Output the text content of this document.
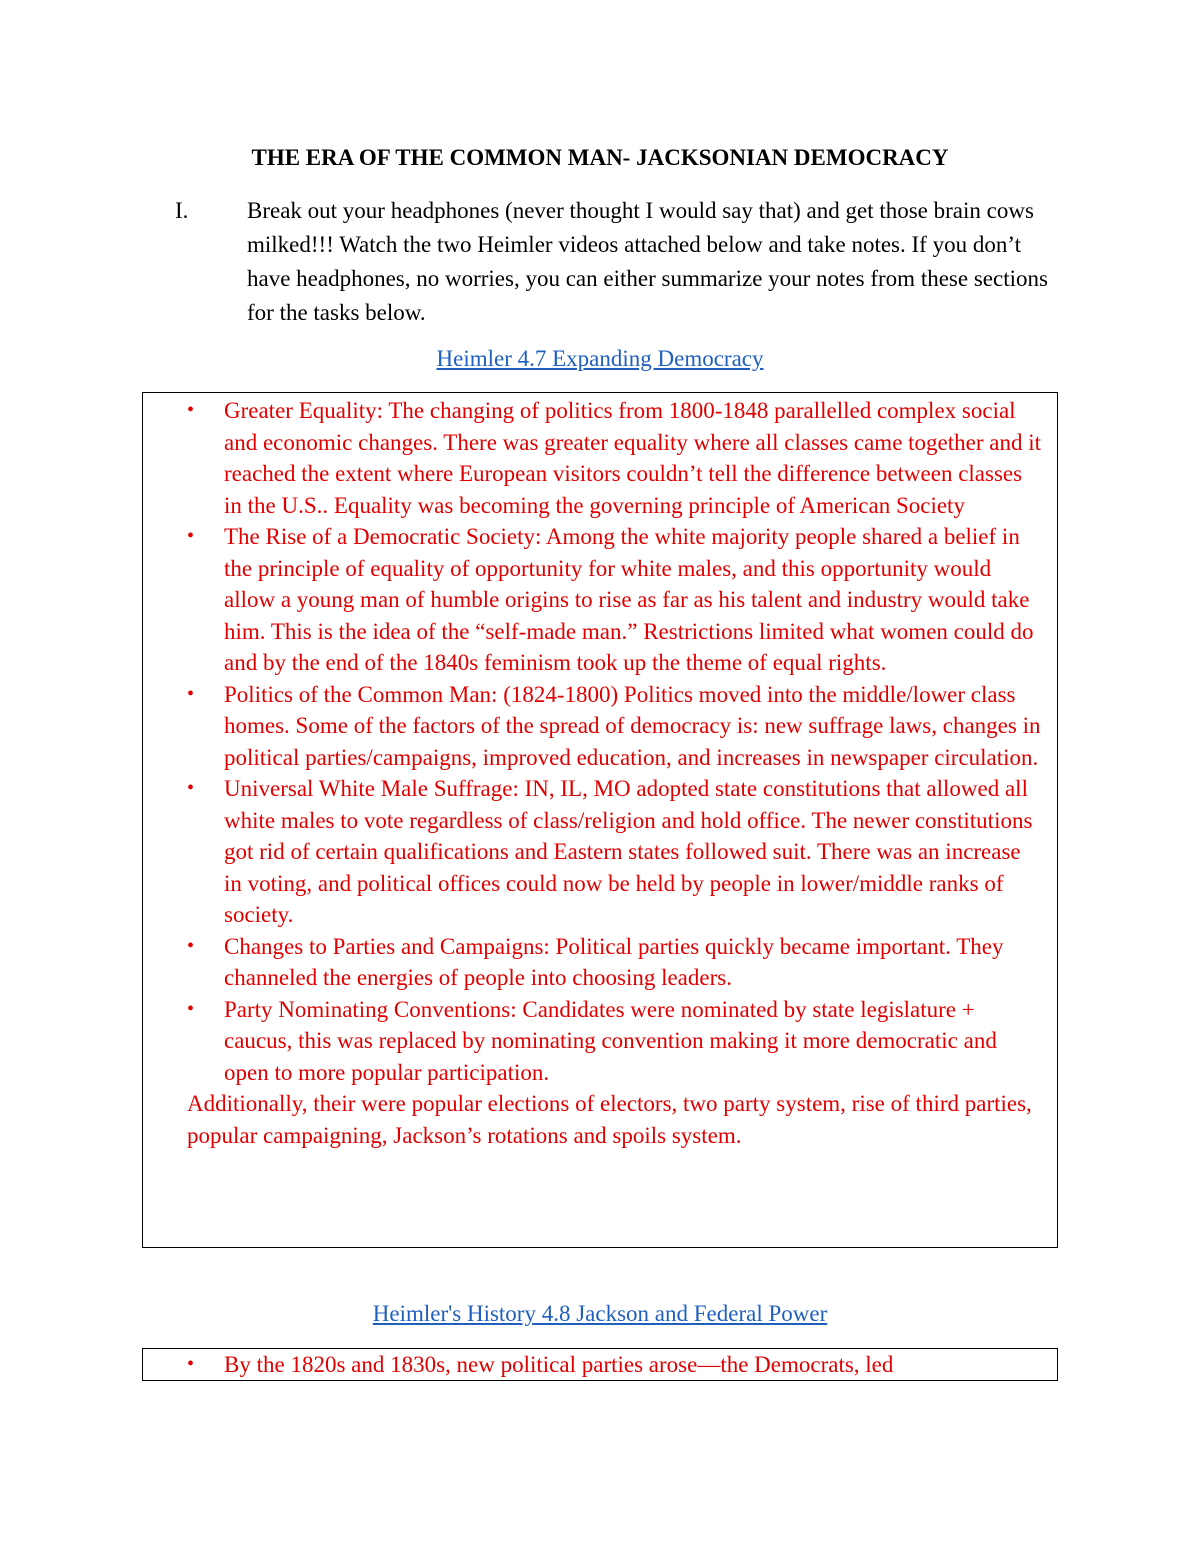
THE ERA OF THE COMMON MAN- JACKSONIAN DEMOCRACY
I.	Break out your headphones (never thought I would say that) and get those brain cows milked!!! Watch the two Heimler videos attached below and take notes. If you don’t have headphones, no worries, you can either summarize your notes from these sections for the tasks below.
Heimler 4.7 Expanding Democracy
• Greater Equality: The changing of politics from 1800-1848 parallelled complex social and economic changes. There was greater equality where all classes came together and it reached the extent where European visitors couldn’t tell the difference between classes in the U.S.. Equality was becoming the governing principle of American Society
• The Rise of a Democratic Society: Among the white majority people shared a belief in the principle of equality of opportunity for white males, and this opportunity would allow a young man of humble origins to rise as far as his talent and industry would take him. This is the idea of the “self-made man.” Restrictions limited what women could do and by the end of the 1840s feminism took up the theme of equal rights.
• Politics of the Common Man: (1824-1800) Politics moved into the middle/lower class homes. Some of the factors of the spread of democracy is: new suffrage laws, changes in political parties/campaigns, improved education, and increases in newspaper circulation.
• Universal White Male Suffrage: IN, IL, MO adopted state constitutions that allowed all white males to vote regardless of class/religion and hold office. The newer constitutions got rid of certain qualifications and Eastern states followed suit. There was an increase in voting, and political offices could now be held by people in lower/middle ranks of society.
• Changes to Parties and Campaigns: Political parties quickly became important. They channeled the energies of people into choosing leaders.
• Party Nominating Conventions: Candidates were nominated by state legislature + caucus, this was replaced by nominating convention making it more democratic and open to more popular participation.
Additionally, their were popular elections of electors, two party system, rise of third parties, popular campaigning, Jackson’s rotations and spoils system.
Heimler's History 4.8 Jackson and Federal Power
• By the 1820s and 1830s, new political parties arose—the Democrats, led
